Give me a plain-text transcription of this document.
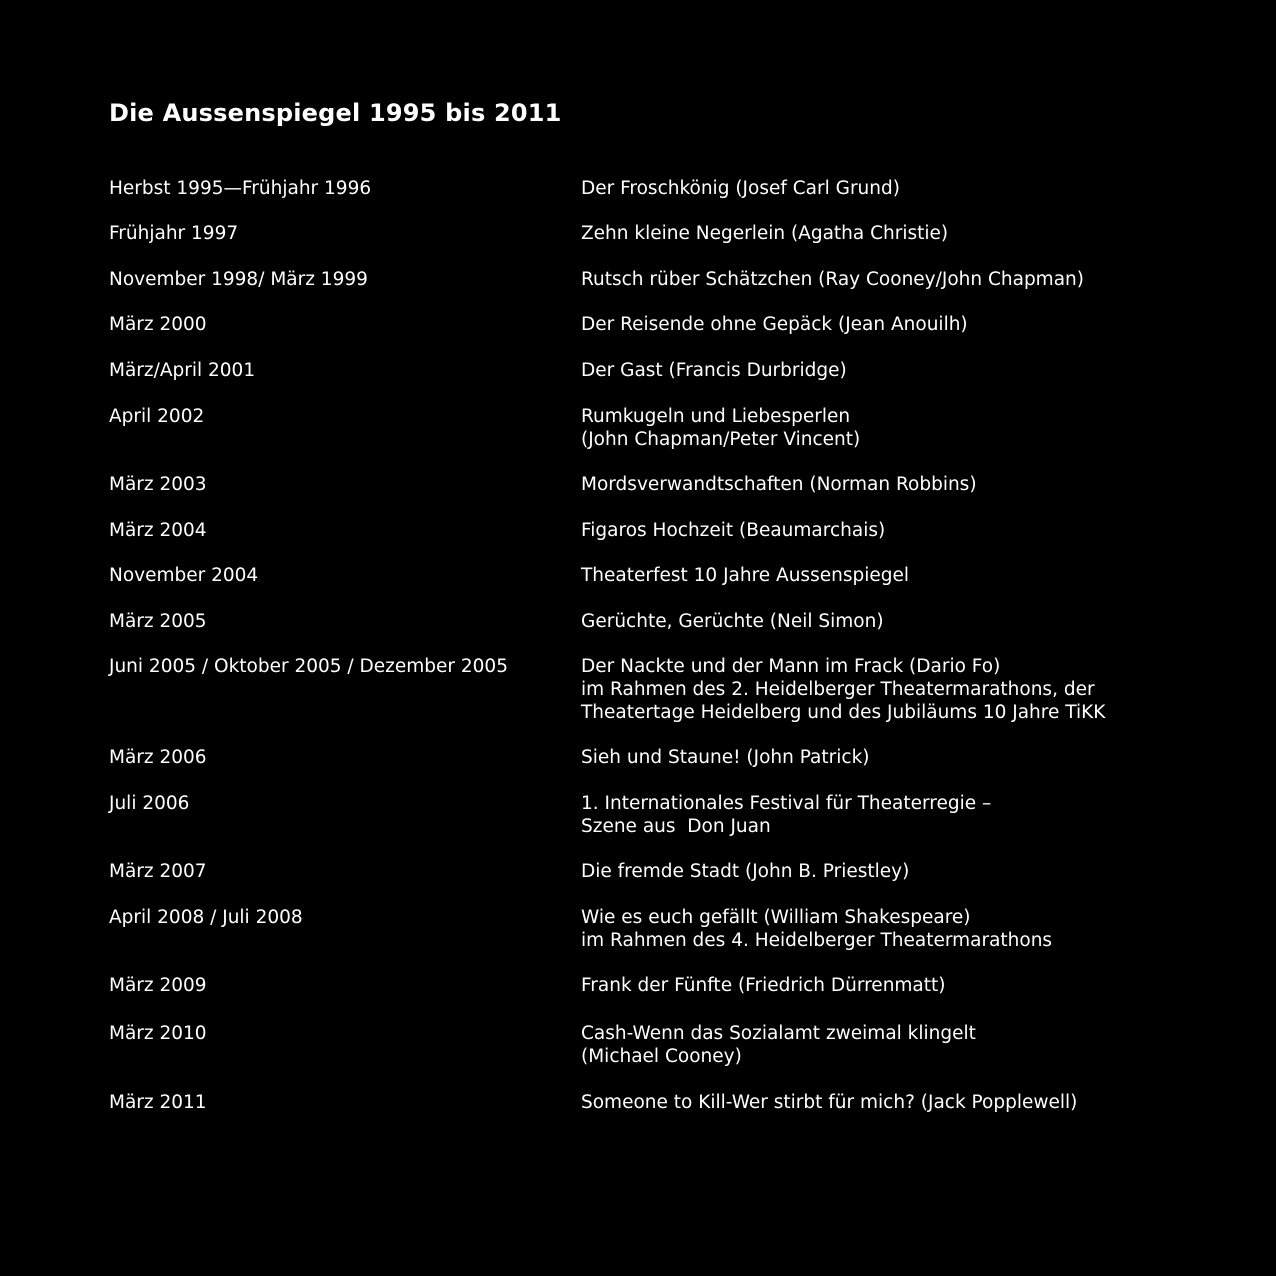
Die Aussenspiegel 1995 bis 2011
Herbst 1995—Frühjahr 1996	Der Froschkönig (Josef Carl Grund)
Frühjahr 1997	Zehn kleine Negerlein (Agatha Christie)
November 1998/ März 1999	Rutsch rüber Schätzchen (Ray Cooney/John Chapman)
März 2000	Der Reisende ohne Gepäck (Jean Anouilh)
März/April 2001	Der Gast (Francis Durbridge)
April 2002	Rumkugeln und Liebesperlen
(John Chapman/Peter Vincent)
März 2003	Mordsverwandtschaften (Norman Robbins)
März 2004	Figaros Hochzeit (Beaumarchais)
November 2004	Theaterfest 10 Jahre Aussenspiegel
März 2005	Gerüchte, Gerüchte (Neil Simon)
Juni 2005 / Oktober 2005 / Dezember 2005	Der Nackte und der Mann im Frack (Dario Fo)
im Rahmen des 2. Heidelberger Theatermarathons, der
Theatertage Heidelberg und des Jubiläums 10 Jahre TiKK
März 2006	Sieh und Staune! (John Patrick)
Juli 2006	1. Internationales Festival für Theaterregie –
Szene aus  Don Juan
März 2007	Die fremde Stadt (John B. Priestley)
April 2008 / Juli 2008	Wie es euch gefällt (William Shakespeare)
im Rahmen des 4. Heidelberger Theatermarathons
März 2009	Frank der Fünfte (Friedrich Dürrenmatt)
März 2010	Cash-Wenn das Sozialamt zweimal klingelt
(Michael Cooney)
März 2011	Someone to Kill-Wer stirbt für mich? (Jack Popplewell)
